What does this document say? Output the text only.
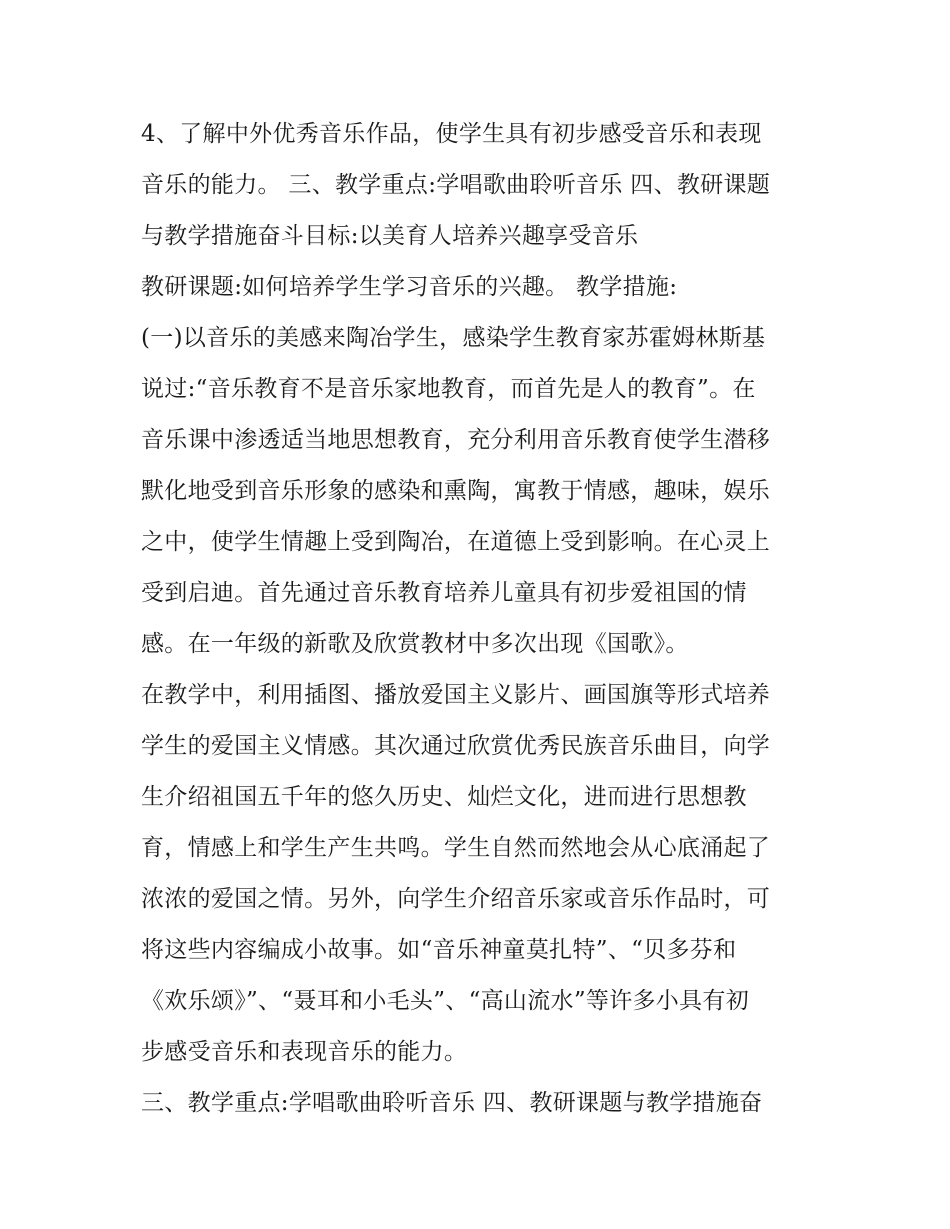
4、了解中外优秀音乐作品，使学生具有初步感受音乐和表现
音乐的能力。 三、教学重点:学唱歌曲聆听音乐 四、教研课题
与教学措施奋斗目标:以美育人培养兴趣享受音乐
教研课题:如何培养学生学习音乐的兴趣。 教学措施:
(一)以音乐的美感来陶冶学生，感染学生教育家苏霍姆林斯基
说过:“音乐教育不是音乐家地教育，而首先是人的教育”。在
音乐课中渗透适当地思想教育，充分利用音乐教育使学生潜移
默化地受到音乐形象的感染和熏陶，寓教于情感，趣味，娱乐
之中，使学生情趣上受到陶冶，在道德上受到影响。在心灵上
受到启迪。首先通过音乐教育培养儿童具有初步爱祖国的情
感。在一年级的新歌及欣赏教材中多次出现《国歌》。
在教学中，利用插图、播放爱国主义影片、画国旗等形式培养
学生的爱国主义情感。其次通过欣赏优秀民族音乐曲目，向学
生介绍祖国五千年的悠久历史、灿烂文化，进而进行思想教
育，情感上和学生产生共鸣。学生自然而然地会从心底涌起了
浓浓的爱国之情。另外，向学生介绍音乐家或音乐作品时，可
将这些内容编成小故事。如“音乐神童莫扎特”、“贝多芬和
《欢乐颂》”、“聂耳和小毛头”、“高山流水”等许多小具有初
步感受音乐和表现音乐的能力。
三、教学重点:学唱歌曲聆听音乐 四、教研课题与教学措施奋
